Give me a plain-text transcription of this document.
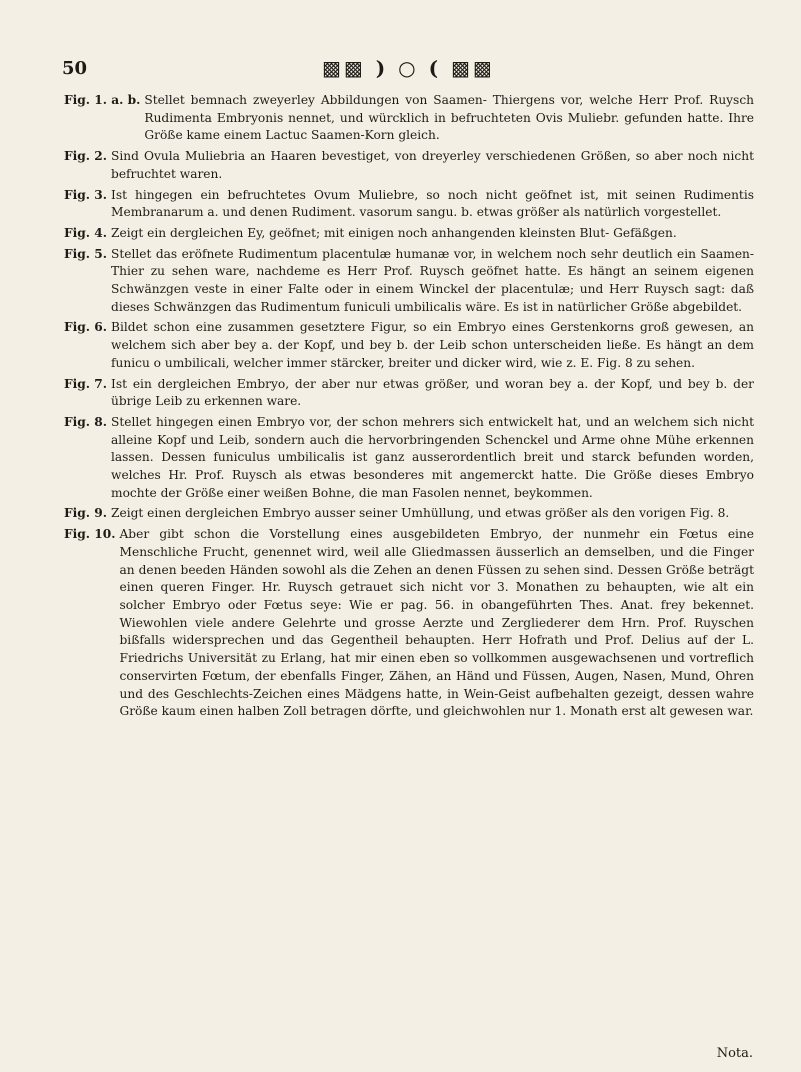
50	▩▩ ) ○ ( ▩▩
Fig. 1. a. b. Stellet bemnach zweyerley Abbildungen von Saamen- Thiergens vor, welche Herr Prof. Ruysch Rudimenta Embryonis nennet, und würcklich in befruchteten Ovis Muliebr. gefunden hatte. Ihre Größe kame einem Lactuc Saamen-Korn gleich.
Fig. 2. Sind Ovula Muliebria an Haaren bevestiget, von dreyerley verschiedenen Größen, so aber noch nicht befruchtet waren.
Fig. 3. Ist hingegen ein befruchtetes Ovum Muliebre, so noch nicht geöfnet ist, mit seinen Rudimentis Membranarum a. und denen Rudiment. vasorum sangu. b. etwas größer als natürlich vorgestellet.
Fig. 4. Zeigt ein dergleichen Ey, geöfnet; mit einigen noch anhangenden kleinsten Blut- Gefäßgen.
Fig. 5. Stellet das eröfnete Rudimentum placentulæ humanæ vor, in welchem noch sehr deutlich ein Saamen- Thier zu sehen ware, nachdeme es Herr Prof. Ruysch geöfnet hatte. Es hängt an seinem eigenen Schwänzgen veste in einer Falte oder in einem Winckel der placentulæ; und Herr Ruysch sagt: daß dieses Schwänzgen das Rudimentum funiculi umbilicalis wäre. Es ist in natürlicher Größe abgebildet.
Fig. 6. Bildet schon eine zusammen gesetztere Figur, so ein Embryo eines Gerstenkorns groß gewesen, an welchem sich aber bey a. der Kopf, und bey b. der Leib schon unterscheiden ließe. Es hängt an dem funicu o umbilicali, welcher immer stärcker, breiter und dicker wird, wie z. E. Fig. 8 zu sehen.
Fig. 7. Ist ein dergleichen Embryo, der aber nur etwas größer, und woran bey a. der Kopf, und bey b. der übrige Leib zu erkennen ware.
Fig. 8. Stellet hingegen einen Embryo vor, der schon mehrers sich entwickelt hat, und an welchem sich nicht alleine Kopf und Leib, sondern auch die hervorbringenden Schenckel und Arme ohne Mühe erkennen lassen. Dessen funiculus umbilicalis ist ganz ausserordentlich breit und starck befunden worden, welches Hr. Prof. Ruysch als etwas besonderes mit angemerckt hatte. Die Größe dieses Embryo mochte der Größe einer weißen Bohne, die man Fasolen nennet, beykommen.
Fig. 9. Zeigt einen dergleichen Embryo ausser seiner Umhüllung, und etwas größer als den vorigen Fig. 8.
Fig. 10. Aber gibt schon die Vorstellung eines ausgebildeten Embryo, der nunmehr ein Fœtus eine Menschliche Frucht, genennet wird, weil alle Gliedmassen äusserlich an demselben, und die Finger an denen beeden Händen sowohl als die Zehen an denen Füssen zu sehen sind. Dessen Größe beträgt einen queren Finger. Hr. Ruysch getrauet sich nicht vor 3. Monathen zu behaupten, wie alt ein solcher Embryo oder Fœtus seye: Wie er pag. 56. in obangeführten Thes. Anat. frey bekennet. Wiewohlen viele andere Gelehrte und grosse Aerzte und Zergliederer dem Hrn. Prof. Ruyschen bißfalls widersprechen und das Gegentheil behaupten. Herr Hofrath und Prof. Delius auf der L. Friedrichs Universität zu Erlang, hat mir einen eben so vollkommen ausgewachsenen und vortreflich conservirten Fœtum, der ebenfalls Finger, Zähen, an Händ und Füssen, Augen, Nasen, Mund, Ohren und des Geschlechts-Zeichen eines Mädgens hatte, in Wein-Geist aufbehalten gezeigt, dessen wahre Größe kaum einen halben Zoll betragen dörfte, und gleichwohlen nur 1. Monath erst alt gewesen war.
Nota.
